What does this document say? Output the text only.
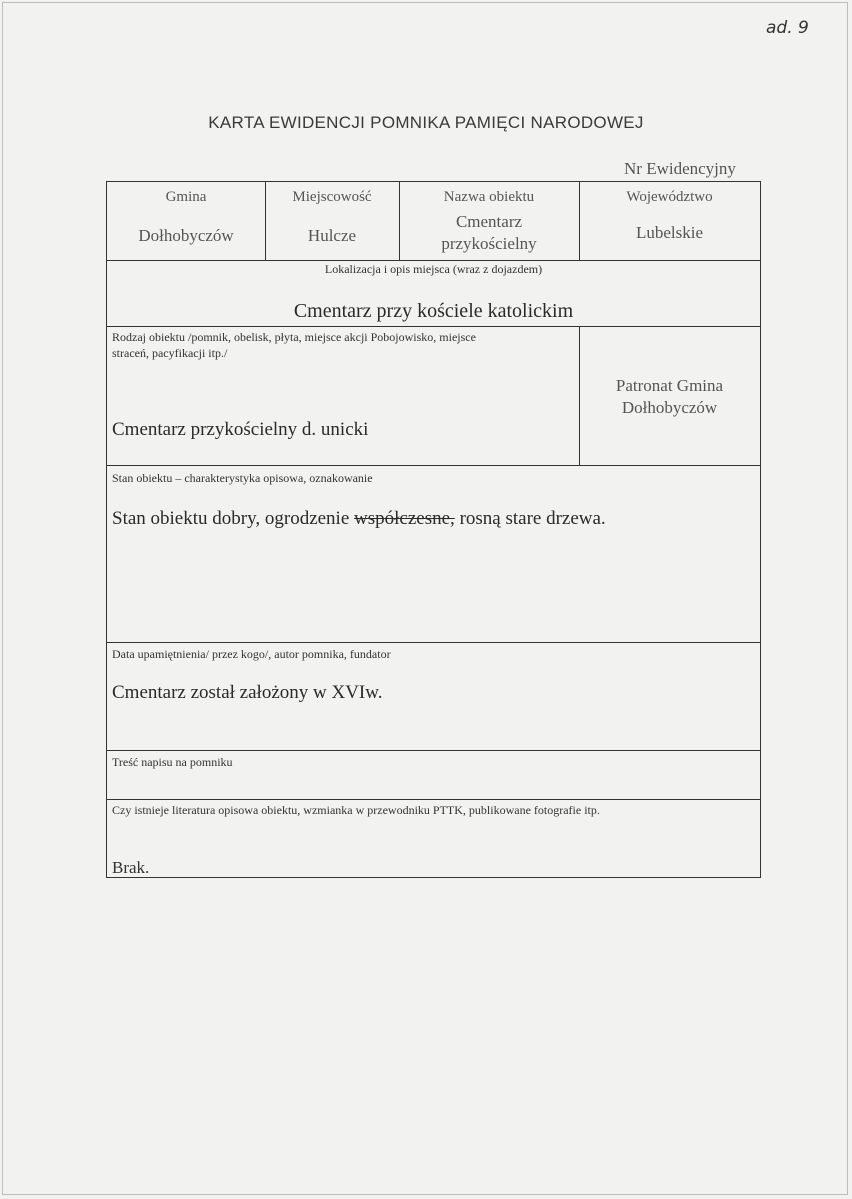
ad. 9
KARTA EWIDENCJI POMNIKA PAMIĘCI NARODOWEJ
Nr Ewidencyjny
Gmina
Dołhobyczów
Miejscowość
Hulcze
Nazwa obiektu
Cmentarz
przykościelny
Województwo
Lubelskie
Lokalizacja i opis miejsca (wraz z dojazdem)
Cmentarz przy kościele katolickim
Rodzaj obiektu /pomnik, obelisk, płyta, miejsce akcji Pobojowisko, miejsce
straceń, pacyfikacji itp./
Cmentarz przykościelny d. unicki
Patronat Gmina
Dołhobyczów
Stan obiektu – charakterystyka opisowa, oznakowanie
Stan obiektu dobry, ogrodzenie współczesne, rosną stare drzewa.
Data upamiętnienia/ przez kogo/, autor pomnika, fundator
Cmentarz został założony w XVIw.
Treść napisu na pomniku
Czy istnieje literatura opisowa obiektu, wzmianka w przewodniku PTTK, publikowane fotografie itp.
Brak.
